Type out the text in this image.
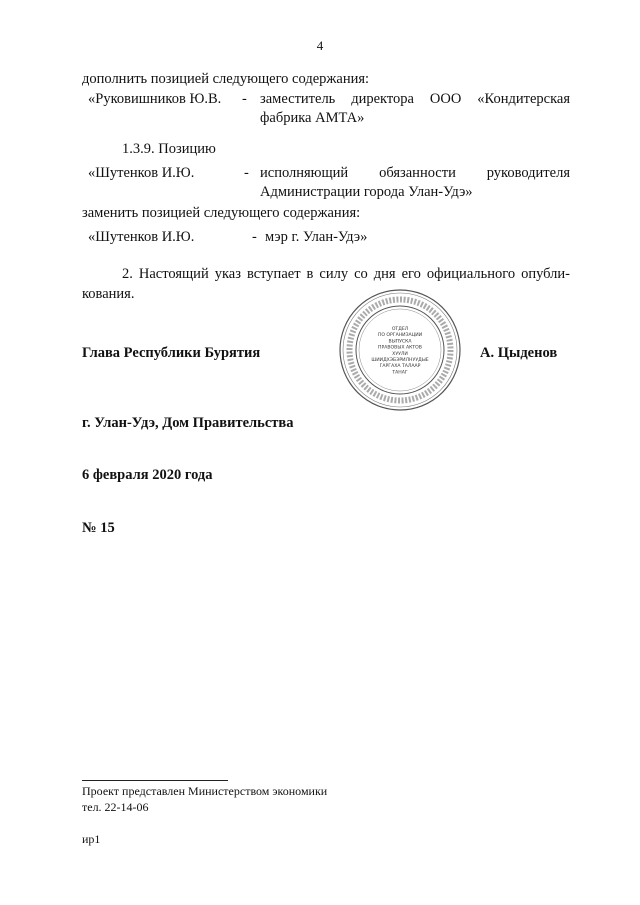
4
дополнить позицией следующего содержания:
«Руковишников Ю.В. - заместитель директора ООО «Кондитерская
фабрика АМТА»
1.3.9. Позицию
«Шутенков И.Ю.	- исполняющий обязанности руководителя
Администрации города Улан-Удэ»
заменить позицией следующего содержания:
«Шутенков И.Ю.	- мэр г. Улан-Удэ»
2. Настоящий указ вступает в силу со дня его официального опубли-
кования.
ОТДЕЛ
ПО ОРГАНИЗАЦИИ
ВЫПУСКА
ПРАВОВЫХ АКТОВ
ХУУЛИ
ШИИДХЭБЭРИЛНУУДЫЕ
ГАРГАХА ТАЛААР
ТАНАГ
Глава Республики Бурятия	А. Цыденов
г. Улан-Удэ, Дом Правительства
6 февраля 2020 года
№ 15
Проект представлен Министерством экономики
тел. 22-14-06
ир1
